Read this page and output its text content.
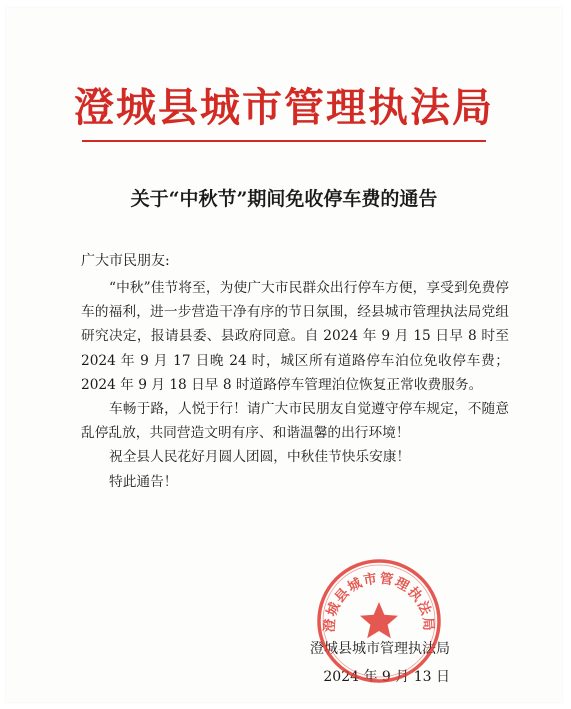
澄城县城市管理执法局
关于“中秋节”期间免收停车费的通告
广大市民朋友:

“中秋”佳节将至，为使广大市民群众出行停车方便，享受到免费停车的福利，进一步营造干净有序的节日氛围，经县城市管理执法局党组研究决定，报请县委、县政府同意。自 2024 年 9 月 15 日早 8 时至 2024 年 9 月 17 日晚 24 时，城区所有道路停车泊位免收停车费；2024 年 9 月 18 日早 8 时道路停车管理泊位恢复正常收费服务。

车畅于路，人悦于行！请广大市民朋友自觉遵守停车规定，不随意乱停乱放，共同营造文明有序、和谐温馨的出行环境！

祝全县人民花好月圆人团圆，中秋佳节快乐安康！

特此通告！

澄城县城市管理执法局
2024 年 9 月 13 日
澄城县城市管理执法局
